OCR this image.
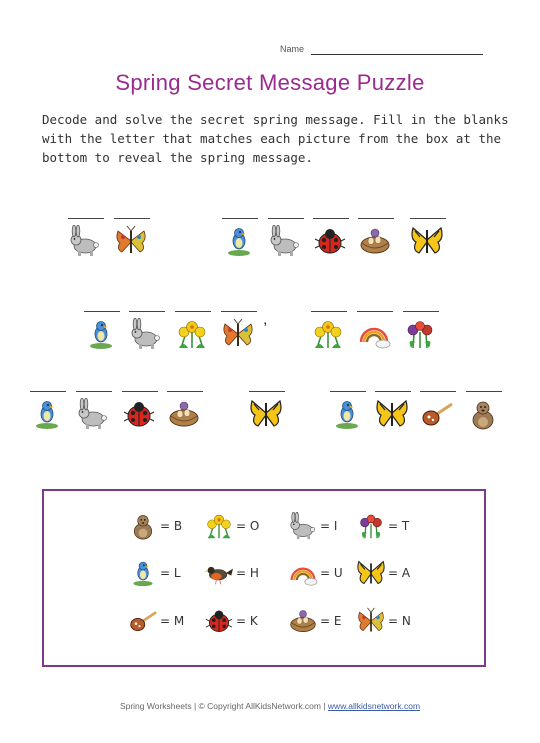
Name
Spring Secret Message Puzzle
Decode and solve the secret spring message. Fill in the blanks with the letter that matches each picture from the box at the bottom to reveal the spring message.
,
= B	= O	= I	= T
= L	= H	= U	= A
= M	= K	= E	= N
Spring Worksheets | © Copyright AllKidsNetwork.com | www.allkidsnetwork.com
